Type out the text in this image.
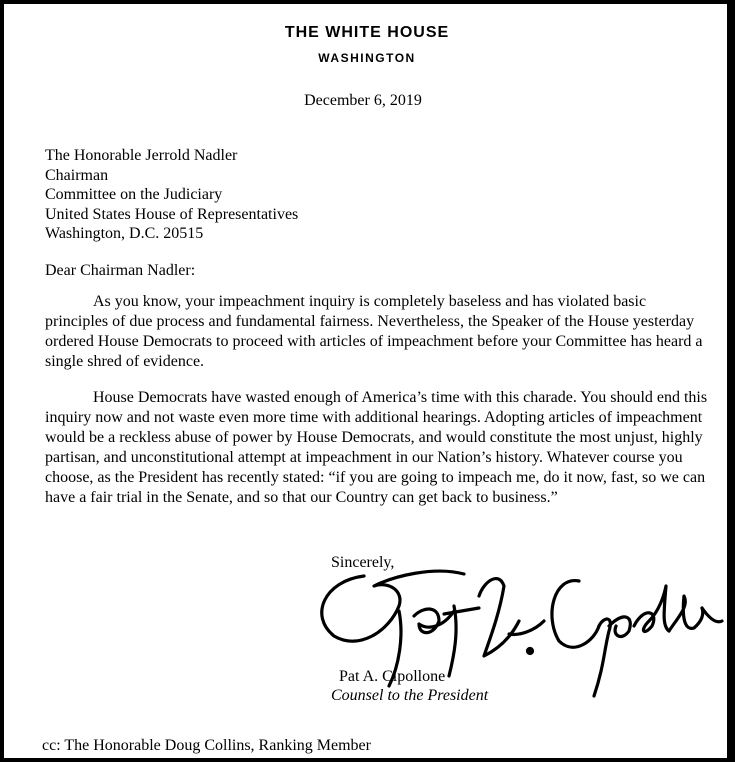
THE WHITE HOUSE
WASHINGTON
December 6, 2019
The Honorable Jerrold Nadler
Chairman
Committee on the Judiciary
United States House of Representatives
Washington, D.C. 20515
Dear Chairman Nadler:
As you know, your impeachment inquiry is completely baseless and has violated basic principles of due process and fundamental fairness. Nevertheless, the Speaker of the House yesterday ordered House Democrats to proceed with articles of impeachment before your Committee has heard a single shred of evidence.
House Democrats have wasted enough of America’s time with this charade. You should end this inquiry now and not waste even more time with additional hearings. Adopting articles of impeachment would be a reckless abuse of power by House Democrats, and would constitute the most unjust, highly partisan, and unconstitutional attempt at impeachment in our Nation’s history. Whatever course you choose, as the President has recently stated: “if you are going to impeach me, do it now, fast, so we can have a fair trial in the Senate, and so that our Country can get back to business.”
Sincerely,
Pat A. Cipollone
Counsel to the President
cc: The Honorable Doug Collins, Ranking Member
